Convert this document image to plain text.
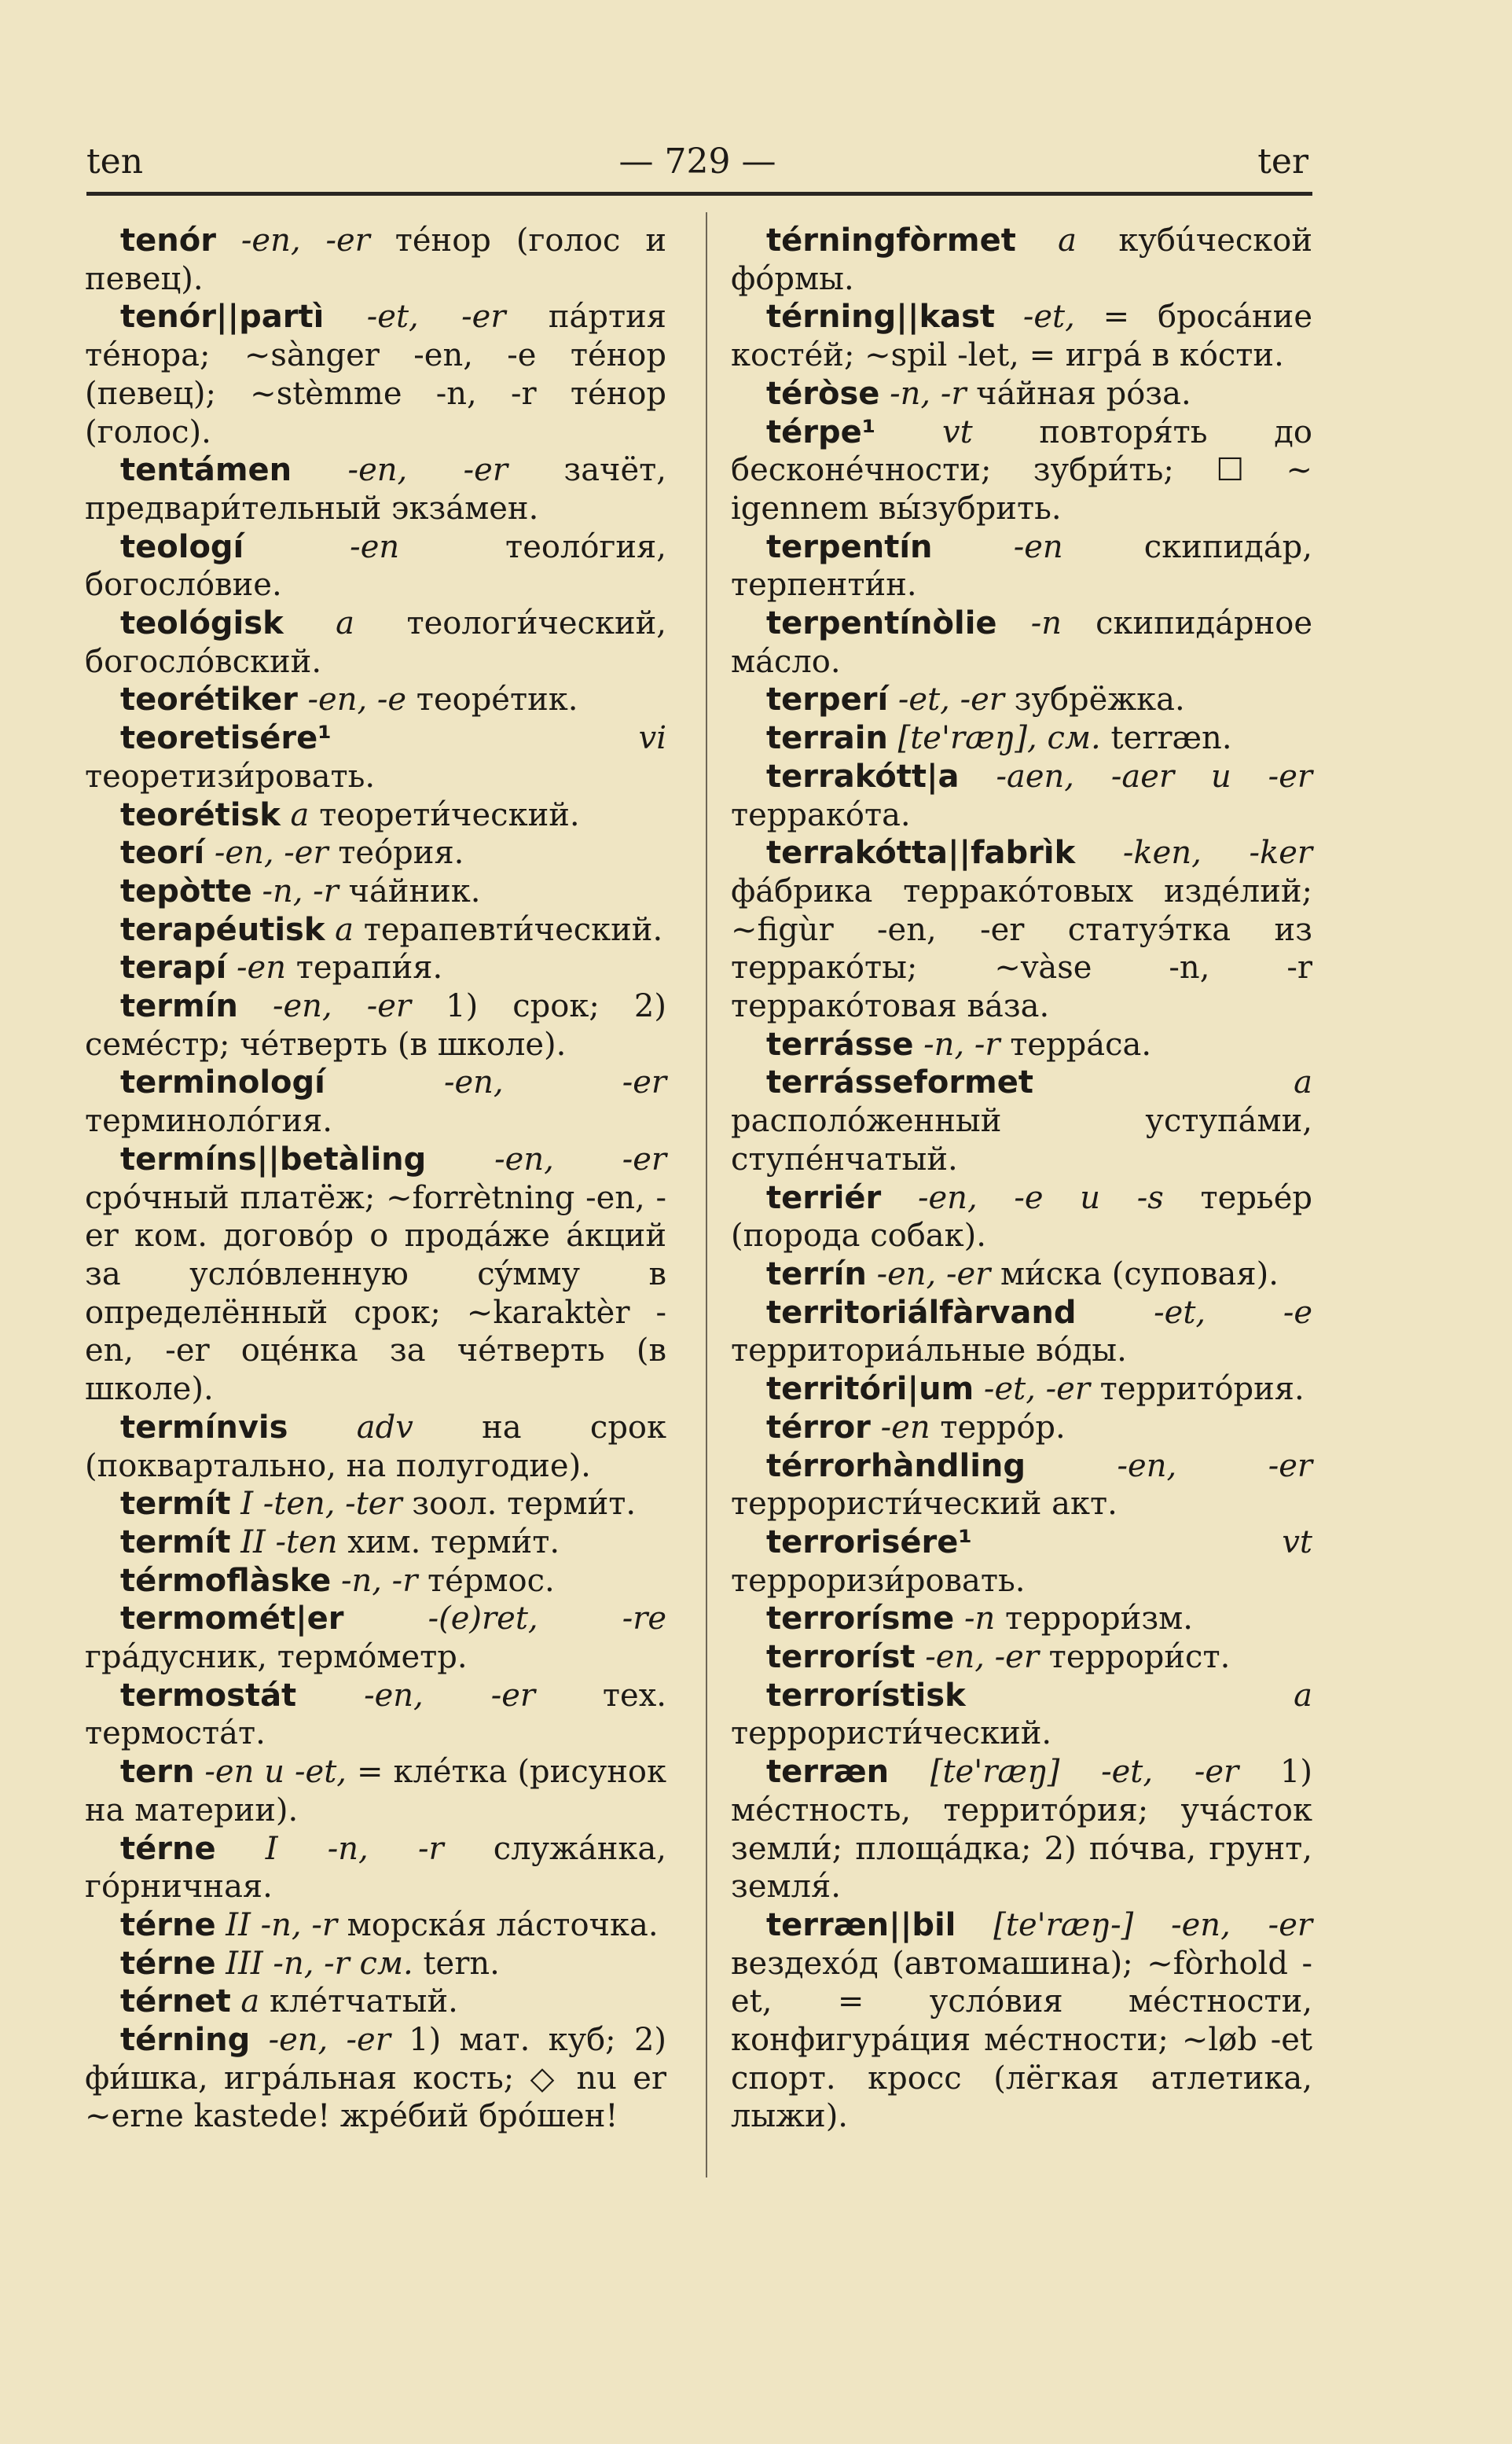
ten	— 729 —	ter

tenór -en, -er тéнор (голос и певец).

tenór||partì -et, -er пáртия тéнора; ~sànger -en, -e тéнор (певец); ~stèmme -n, -r тéнор (голос).

tentámen -en, -er зачёт, предвари́тельный экзáмен.

teologí -en теолóгия, богослóвие.

teológisk a теологи́ческий, богослóвский.

teorétiker -en, -e теорéтик.

teoretisére¹ vi теоретизи́ровать.

teorétisk a теорети́ческий.

teorí -en, -er теóрия.

tepòtte -n, -r чáйник.

terapéutisk a терапевти́ческий.

terapí -en терапи́я.

termín -en, -er 1) срок; 2) семéстр; чéтверть (в школе).

terminologí -en, -er терминолóгия.

termíns||betàling -en, -er срóчный платёж; ~forrètning -en, -er ком. договóр о продáже áкций за услóвленную сýмму в определённый срок; ~karaktèr -en, -er оцéнка за чéтверть (в школе).

termínvis adv на срок (поквартально, на полугодие).

termít I -ten, -ter зоол. терми́т.

termít II -ten хим. терми́т.

térmoflàske -n, -r тéрмос.

termomét|er -(e)ret, -re грáдусник, термóметр.

termostát -en, -er тех. термостáт.

tern -en и -et, = клéтка (рисунок на материи).

térne I -n, -r служáнка, гóрничная.

térne II -n, -r морскáя лáсточка.

térne III -n, -r см. tern.

térnet a клéтчатый.

térning -en, -er 1) мат. куб; 2) фи́шка, игрáльная кость; ◇ nu er ~erne kastede! жрéбий брóшен!

térningfòrmet a кубúческой фóрмы.

térning||kast -et, = бросáние костéй; ~spil -let, = игрá в кóсти.

téròse -n, -r чáйная рóза.

térpe¹ vt повторя́ть до бесконéчности; зубри́ть; ☐ ~ igennem вы́зубрить.

terpentín -en скипидáр, терпенти́н.

terpentínòlie -n скипидáрное мáсло.

terperí -et, -er зубрёжка.

terrain [te'ræŋ], см. terræn.

terrakótt|a -aen, -aer и -er терракóта.

terrakótta||fabrìk -ken, -ker фáбрика терракóтовых издéлий; ~figùr -en, -er статуэ́тка из терракóты; ~vàse -n, -r терракóтовая вáза.

terrásse -n, -r террáса.

terrásseformet a располóженный уступáми, ступéнчатый.

terriér -en, -e и -s терьéр (порода собак).

terrín -en, -er ми́ска (суповая).

territoriálfàrvand -et, -e территориáльные вóды.

territóri|um -et, -er террито́рия.

térror -en террóр.

térrorhàndling -en, -er террористи́ческий акт.

terrorisére¹ vt терроризи́ровать.

terrorísme -n террори́зм.

terroríst -en, -er террори́ст.

terrorístisk a террористи́ческий.

terræn [te'ræŋ] -et, -er 1) мéстность, террито́рия; учáсток земли́; площáдка; 2) пóчва, грунт, земля́.

terræn||bil [te'ræŋ-] -en, -er вездехóд (автомашина); ~fòrhold -et, = услóвия мéстности, конфигурáция мéстности; ~løb -et спорт. кросс (лёгкая атлетика, лыжи).
